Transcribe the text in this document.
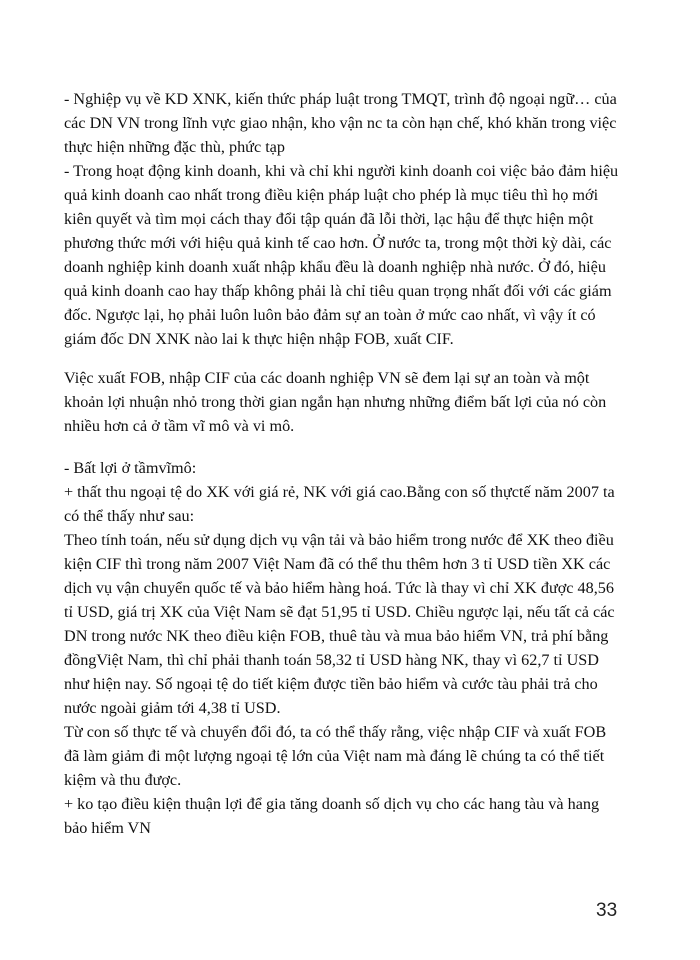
- Nghiệp vụ về KD XNK, kiến thức pháp luật trong TMQT, trình độ ngoại ngữ… của các DN VN trong lĩnh vực giao nhận, kho vận nc ta còn hạn chế, khó khăn trong việc thực hiện những đặc thù, phức tạp

- Trong hoạt động kinh doanh, khi và chỉ khi người kinh doanh coi việc bảo đảm hiệu quả kinh doanh cao nhất trong điều kiện pháp luật cho phép là mục tiêu thì họ mới kiên quyết và tìm mọi cách thay đổi tập quán đã lỗi thời, lạc hậu để thực hiện một phương thức mới với hiệu quả kinh tế cao hơn. Ở nước ta, trong một thời kỳ dài, các doanh nghiệp kinh doanh xuất nhập khẩu đều là doanh nghiệp nhà nước. Ở đó, hiệu quả kinh doanh cao hay thấp không phải là chỉ tiêu quan trọng nhất đối với các giám đốc. Ngược lại, họ phải luôn luôn bảo đảm sự an toàn ở mức cao nhất, vì vậy ít có giám đốc DN XNK nào lai k thực hiện nhập FOB, xuất CIF.

Việc xuất FOB, nhập CIF của các doanh nghiệp VN sẽ đem lại sự an toàn và một khoản lợi nhuận nhỏ trong thời gian ngắn hạn nhưng những điểm bất lợi của nó còn nhiều hơn cả ở tầm vĩ mô và vi mô.

- Bất lợi ở tầmvĩmô:

+ thất thu ngoại tệ do XK với giá rẻ, NK với giá cao.Bằng con số thựctế năm 2007 ta có thể thấy như sau:

Theo tính toán, nếu sử dụng dịch vụ vận tải và bảo hiểm trong nước để XK theo điều kiện CIF thì trong năm 2007 Việt Nam đã có thể thu thêm hơn 3 tỉ USD tiền XK các dịch vụ vận chuyển quốc tế và bảo hiểm hàng hoá. Tức là thay vì chỉ XK được 48,56 tỉ USD, giá trị XK của Việt Nam sẽ đạt 51,95 tỉ USD. Chiều ngược lại, nếu tất cả các DN trong nước NK theo điều kiện FOB, thuê tàu và mua bảo hiểm VN, trả phí bằng đồngViệt Nam, thì chỉ phải thanh toán 58,32 tỉ USD hàng NK, thay vì 62,7 tỉ USD như hiện nay. Số ngoại tệ do tiết kiệm được tiền bảo hiểm và cước tàu phải trả cho nước ngoài giảm tới 4,38 tỉ USD.

Từ con số thực tế và chuyển đổi đó, ta có thể thấy rằng, việc nhập CIF và xuất FOB đã làm giảm đi một lượng ngoại tệ lớn của Việt nam mà đáng lẽ chúng ta có thể tiết kiệm và thu được.

+ ko tạo điều kiện thuận lợi để gia tăng doanh số dịch vụ cho các hang tàu và hang bảo hiểm VN

33
